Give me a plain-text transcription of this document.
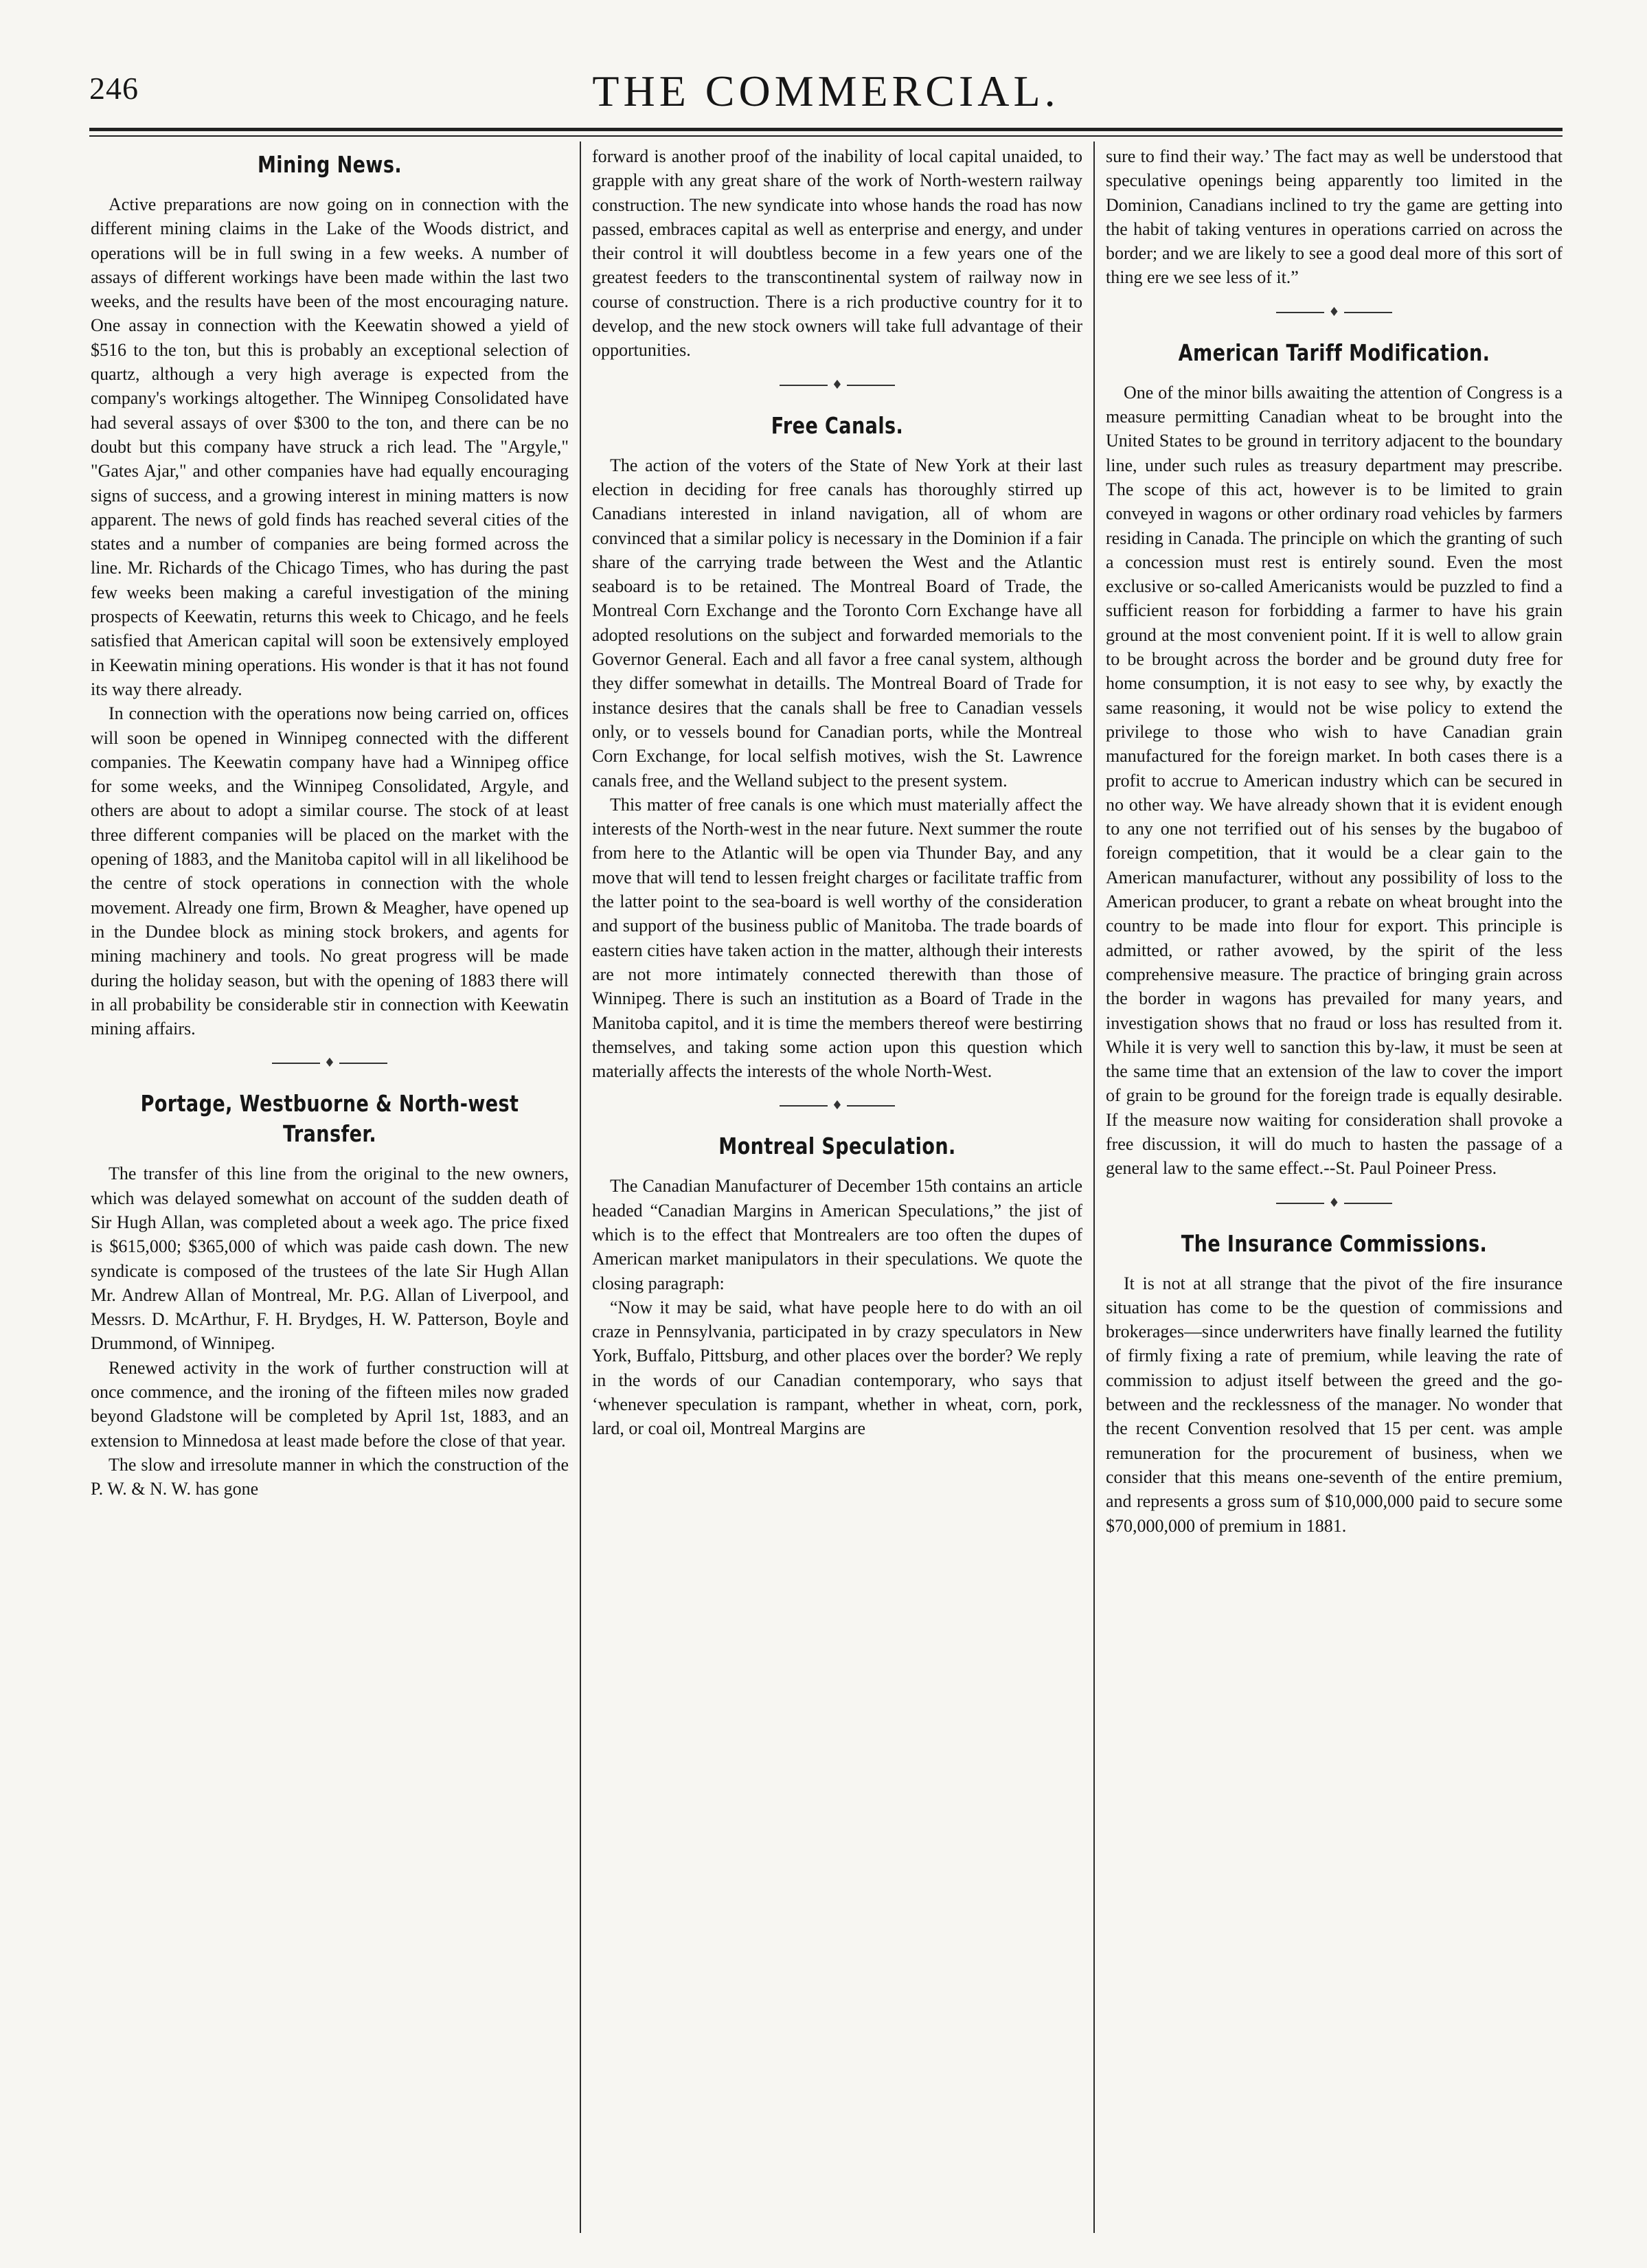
246	THE COMMERCIAL.
Mining News.

Active preparations are now going on in connection with the different mining claims in the Lake of the Woods district, and operations will be in full swing in a few weeks. A number of assays of different workings have been made within the last two weeks, and the results have been of the most encouraging nature. One assay in connection with the Keewatin showed a yield of $516 to the ton, but this is probably an exceptional selection of quartz, although a very high average is expected from the company's workings altogether. The Winnipeg Consolidated have had several assays of over $300 to the ton, and there can be no doubt but this company have struck a rich lead. The "Argyle," "Gates Ajar," and other companies have had equally encouraging signs of success, and a growing interest in mining matters is now apparent. The news of gold finds has reached several cities of the states and a number of companies are being formed across the line. Mr. Richards of the Chicago Times, who has during the past few weeks been making a careful investigation of the mining prospects of Keewatin, returns this week to Chicago, and he feels satisfied that American capital will soon be extensively employed in Keewatin mining operations. His wonder is that it has not found its way there already.

In connection with the operations now being carried on, offices will soon be opened in Winnipeg connected with the different companies. The Keewatin company have had a Winnipeg office for some weeks, and the Winnipeg Consolidated, Argyle, and others are about to adopt a similar course. The stock of at least three different companies will be placed on the market with the opening of 1883, and the Manitoba capitol will in all likelihood be the centre of stock operations in connection with the whole movement. Already one firm, Brown & Meagher, have opened up in the Dundee block as mining stock brokers, and agents for mining machinery and tools. No great progress will be made during the holiday season, but with the opening of 1883 there will in all probability be considerable stir in connection with Keewatin mining affairs.

♦
Portage, Westbuorne & North-west Transfer.

The transfer of this line from the original to the new owners, which was delayed somewhat on account of the sudden death of Sir Hugh Allan, was completed about a week ago. The price fixed is $615,000; $365,000 of which was paide cash down. The new syndicate is composed of the trustees of the late Sir Hugh Allan Mr. Andrew Allan of Montreal, Mr. P.G. Allan of Liverpool, and Messrs. D. McArthur, F. H. Brydges, H. W. Patterson, Boyle and Drummond, of Winnipeg.

Renewed activity in the work of further construction will at once commence, and the ironing of the fifteen miles now graded beyond Gladstone will be completed by April 1st, 1883, and an extension to Minnedosa at least made before the close of that year.

The slow and irresolute manner in which the construction of the P. W. & N. W. has gone

forward is another proof of the inability of local capital unaided, to grapple with any great share of the work of North-western railway construction. The new syndicate into whose hands the road has now passed, embraces capital as well as enterprise and energy, and under their control it will doubtless become in a few years one of the greatest feeders to the transcontinental system of railway now in course of construction. There is a rich productive country for it to develop, and the new stock owners will take full advantage of their opportunities.

♦
Free Canals.

The action of the voters of the State of New York at their last election in deciding for free canals has thoroughly stirred up Canadians interested in inland navigation, all of whom are convinced that a similar policy is necessary in the Dominion if a fair share of the carrying trade between the West and the Atlantic seaboard is to be retained. The Montreal Board of Trade, the Montreal Corn Exchange and the Toronto Corn Exchange have all adopted resolutions on the subject and forwarded memorials to the Governor General. Each and all favor a free canal system, although they differ somewhat in detaills. The Montreal Board of Trade for instance desires that the canals shall be free to Canadian vessels only, or to vessels bound for Canadian ports, while the Montreal Corn Exchange, for local selfish motives, wish the St. Lawrence canals free, and the Welland subject to the present system.

This matter of free canals is one which must materially affect the interests of the North-west in the near future. Next summer the route from here to the Atlantic will be open via Thunder Bay, and any move that will tend to lessen freight charges or facilitate traffic from the latter point to the sea-board is well worthy of the consideration and support of the business public of Manitoba. The trade boards of eastern cities have taken action in the matter, although their interests are not more intimately connected therewith than those of Winnipeg. There is such an institution as a Board of Trade in the Manitoba capitol, and it is time the members thereof were bestirring themselves, and taking some action upon this question which materially affects the interests of the whole North-West.

♦
Montreal Speculation.

The Canadian Manufacturer of December 15th contains an article headed “Canadian Margins in American Speculations,” the jist of which is to the effect that Montrealers are too often the dupes of American market manipulators in their speculations. We quote the closing paragraph:

“Now it may be said, what have people here to do with an oil craze in Pennsylvania, participated in by crazy speculators in New York, Buffalo, Pittsburg, and other places over the border? We reply in the words of our Canadian contemporary, who says that ‘whenever speculation is rampant, whether in wheat, corn, pork, lard, or coal oil, Montreal Margins are

sure to find their way.’ The fact may as well be understood that speculative openings being apparently too limited in the Dominion, Canadians inclined to try the game are getting into the habit of taking ventures in operations carried on across the border; and we are likely to see a good deal more of this sort of thing ere we see less of it.”

♦
American Tariff Modification.

One of the minor bills awaiting the attention of Congress is a measure permitting Canadian wheat to be brought into the United States to be ground in territory adjacent to the boundary line, under such rules as treasury department may prescribe. The scope of this act, however is to be limited to grain conveyed in wagons or other ordinary road vehicles by farmers residing in Canada. The principle on which the granting of such a concession must rest is entirely sound. Even the most exclusive or so-called Americanists would be puzzled to find a sufficient reason for forbidding a farmer to have his grain ground at the most convenient point. If it is well to allow grain to be brought across the border and be ground duty free for home consumption, it is not easy to see why, by exactly the same reasoning, it would not be wise policy to extend the privilege to those who wish to have Canadian grain manufactured for the foreign market. In both cases there is a profit to accrue to American industry which can be secured in no other way. We have already shown that it is evident enough to any one not terrified out of his senses by the bugaboo of foreign competition, that it would be a clear gain to the American manufacturer, without any possibility of loss to the American producer, to grant a rebate on wheat brought into the country to be made into flour for export. This principle is admitted, or rather avowed, by the spirit of the less comprehensive measure. The practice of bringing grain across the border in wagons has prevailed for many years, and investigation shows that no fraud or loss has resulted from it. While it is very well to sanction this by-law, it must be seen at the same time that an extension of the law to cover the import of grain to be ground for the foreign trade is equally desirable. If the measure now waiting for consideration shall provoke a free discussion, it will do much to hasten the passage of a general law to the same effect.--St. Paul Poineer Press.

♦
The Insurance Commissions.

It is not at all strange that the pivot of the fire insurance situation has come to be the question of commissions and brokerages—since underwriters have finally learned the futility of firmly fixing a rate of premium, while leaving the rate of commission to adjust itself between the greed and the go-between and the recklessness of the manager. No wonder that the recent Convention resolved that 15 per cent. was ample remuneration for the procurement of business, when we consider that this means one-seventh of the entire premium, and represents a gross sum of $10,000,000 paid to secure some $70,000,000 of premium in 1881.
